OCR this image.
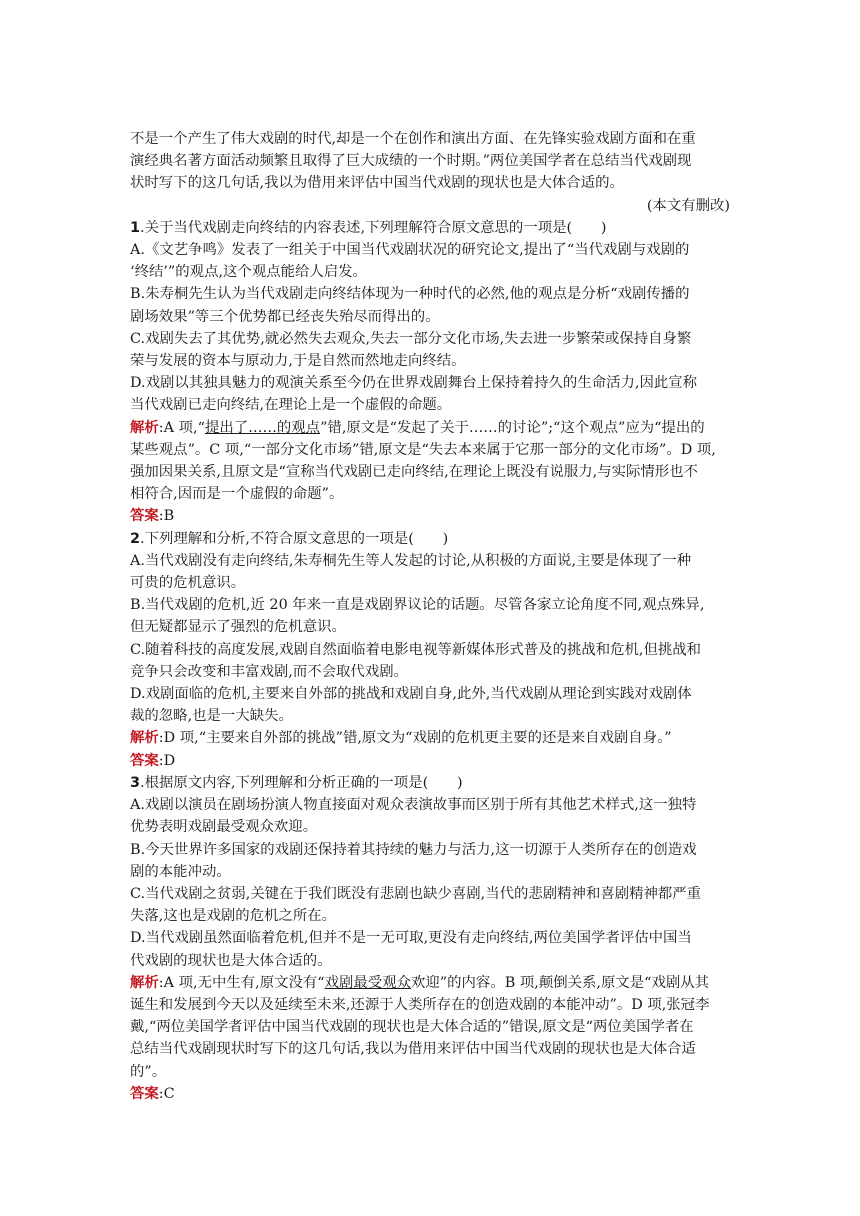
不是一个产生了伟大戏剧的时代,却是一个在创作和演出方面、在先锋实验戏剧方面和在重

演经典名著方面活动频繁且取得了巨大成绩的一个时期。”两位美国学者在总结当代戏剧现

状时写下的这几句话,我以为借用来评估中国当代戏剧的现状也是大体合适的。

(本文有删改)

1.关于当代戏剧走向终结的内容表述,下列理解符合原文意思的一项是(　　)

A.《文艺争鸣》发表了一组关于中国当代戏剧状况的研究论文,提出了“当代戏剧与戏剧的

‘终结’”的观点,这个观点能给人启发。

B.朱寿桐先生认为当代戏剧走向终结体现为一种时代的必然,他的观点是分析“戏剧传播的

剧场效果”等三个优势都已经丧失殆尽而得出的。

C.戏剧失去了其优势,就必然失去观众,失去一部分文化市场,失去进一步繁荣或保持自身繁

荣与发展的资本与原动力,于是自然而然地走向终结。

D.戏剧以其独具魅力的观演关系至今仍在世界戏剧舞台上保持着持久的生命活力,因此宣称

当代戏剧已走向终结,在理论上是一个虚假的命题。

解析:A 项,“提出了……的观点”错,原文是“发起了关于……的讨论”;“这个观点”应为“提出的

某些观点”。C 项,“一部分文化市场”错,原文是“失去本来属于它那一部分的文化市场”。D 项,

强加因果关系,且原文是“宣称当代戏剧已走向终结,在理论上既没有说服力,与实际情形也不

相符合,因而是一个虚假的命题”。

答案:B

2.下列理解和分析,不符合原文意思的一项是(　　)

A.当代戏剧没有走向终结,朱寿桐先生等人发起的讨论,从积极的方面说,主要是体现了一种

可贵的危机意识。

B.当代戏剧的危机,近 20 年来一直是戏剧界议论的话题。尽管各家立论角度不同,观点殊异,

但无疑都显示了强烈的危机意识。

C.随着科技的高度发展,戏剧自然面临着电影电视等新媒体形式普及的挑战和危机,但挑战和

竞争只会改变和丰富戏剧,而不会取代戏剧。

D.戏剧面临的危机,主要来自外部的挑战和戏剧自身,此外,当代戏剧从理论到实践对戏剧体

裁的忽略,也是一大缺失。

解析:D 项,“主要来自外部的挑战”错,原文为“戏剧的危机更主要的还是来自戏剧自身。”

答案:D

3.根据原文内容,下列理解和分析正确的一项是(　　)

A.戏剧以演员在剧场扮演人物直接面对观众表演故事而区别于所有其他艺术样式,这一独特

优势表明戏剧最受观众欢迎。

B.今天世界许多国家的戏剧还保持着其持续的魅力与活力,这一切源于人类所存在的创造戏

剧的本能冲动。

C.当代戏剧之贫弱,关键在于我们既没有悲剧也缺少喜剧,当代的悲剧精神和喜剧精神都严重

失落,这也是戏剧的危机之所在。

D.当代戏剧虽然面临着危机,但并不是一无可取,更没有走向终结,两位美国学者评估中国当

代戏剧的现状也是大体合适的。

解析:A 项,无中生有,原文没有“戏剧最受观众欢迎”的内容。B 项,颠倒关系,原文是“戏剧从其

诞生和发展到今天以及延续至未来,还源于人类所存在的创造戏剧的本能冲动”。D 项,张冠李

戴,“两位美国学者评估中国当代戏剧的现状也是大体合适的”错误,原文是“两位美国学者在

总结当代戏剧现状时写下的这几句话,我以为借用来评估中国当代戏剧的现状也是大体合适

的”。

答案:C
